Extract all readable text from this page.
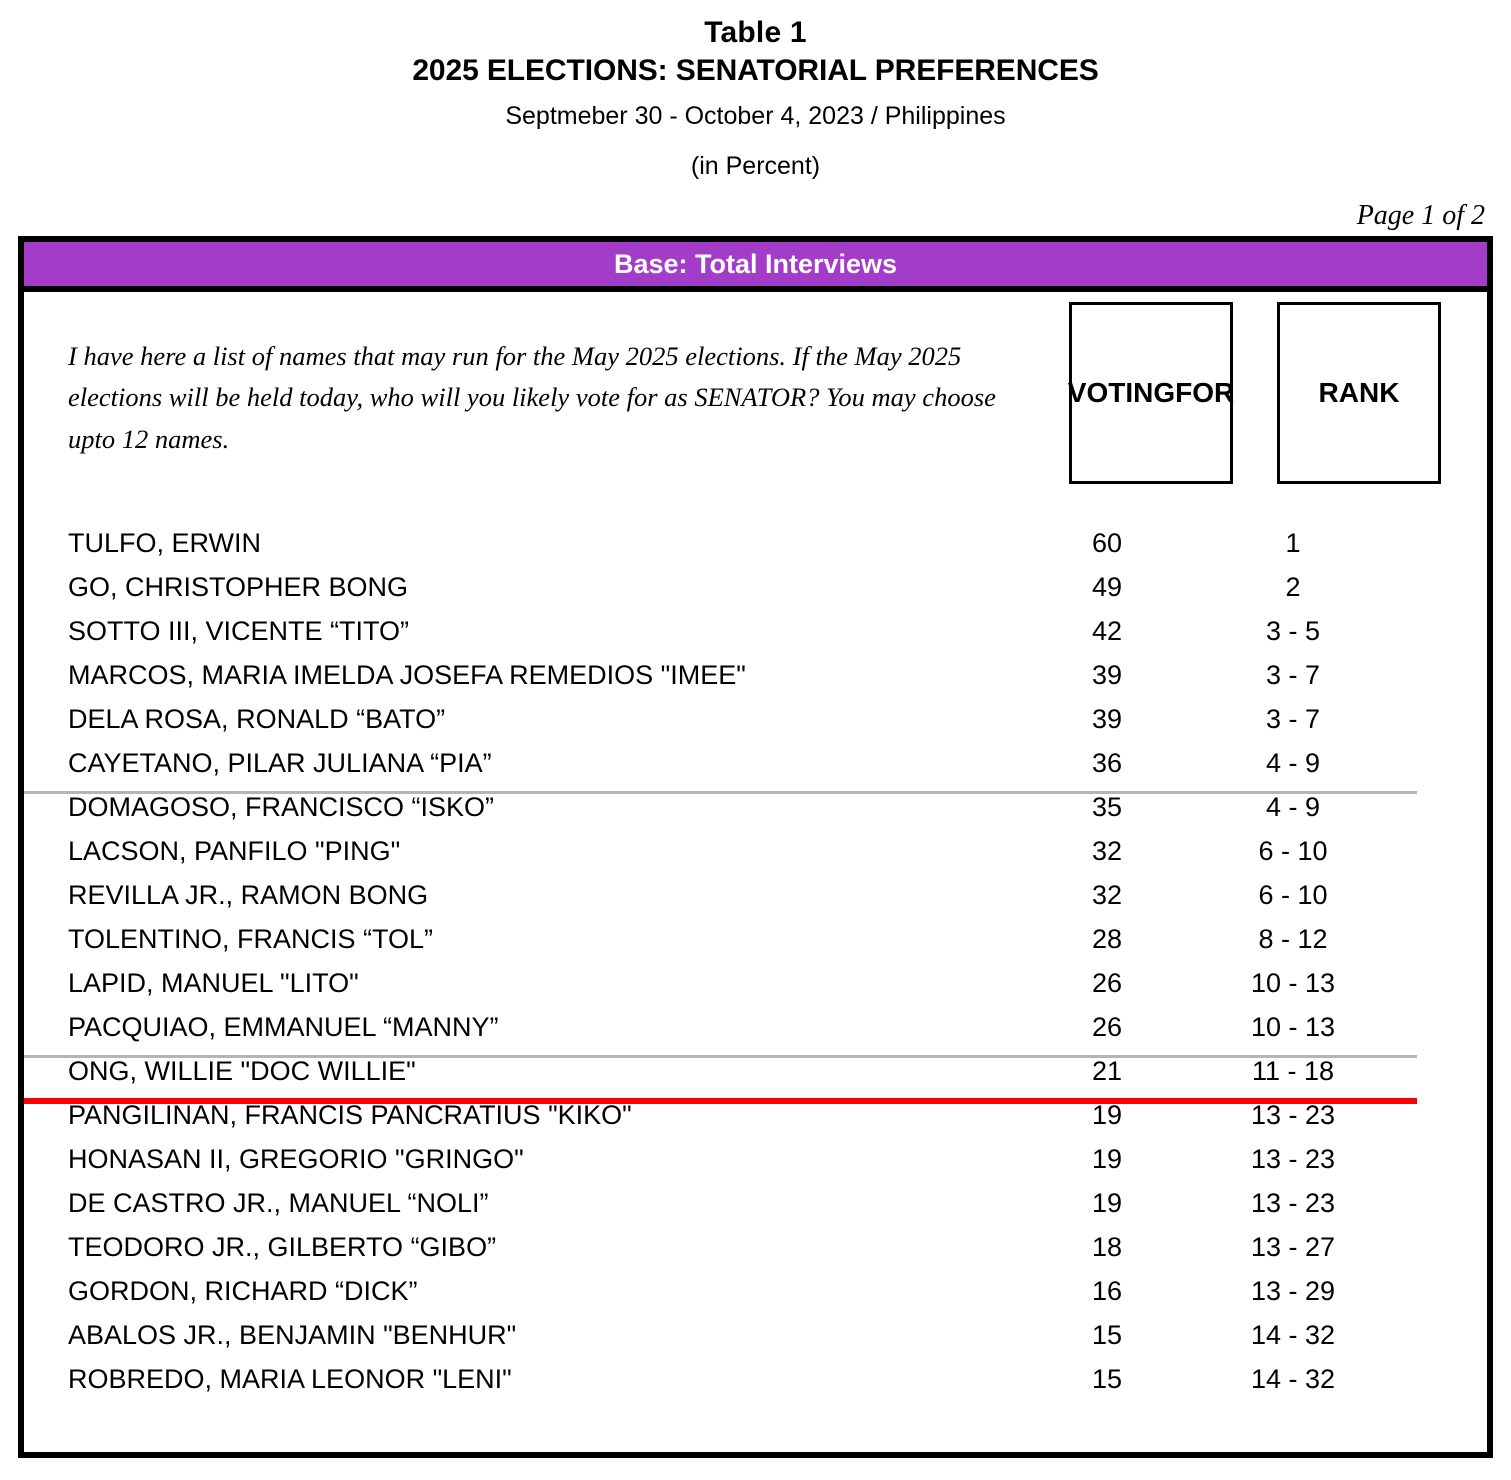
Table 1
2025 ELECTIONS: SENATORIAL PREFERENCES
Septmeber 30 - October 4, 2023 / Philippines
(in Percent)
Page 1 of 2
Base: Total Interviews
I have here a list of names that may run for the May 2025 elections. If the May 2025 elections will be held today, who will you likely vote for as SENATOR? You may choose upto 12 names.
VOTING FOR	RANK
TULFO, ERWIN	60	1
GO, CHRISTOPHER BONG	49	2
SOTTO III, VICENTE “TITO”	42	3 - 5
MARCOS, MARIA IMELDA JOSEFA REMEDIOS "IMEE"	39	3 - 7
DELA ROSA, RONALD “BATO”	39	3 - 7
CAYETANO, PILAR JULIANA “PIA”	36	4 - 9
DOMAGOSO, FRANCISCO “ISKO”	35	4 - 9
LACSON, PANFILO "PING"	32	6 - 10
REVILLA JR., RAMON BONG	32	6 - 10
TOLENTINO, FRANCIS “TOL”	28	8 - 12
LAPID, MANUEL "LITO"	26	10 - 13
PACQUIAO, EMMANUEL “MANNY”	26	10 - 13
ONG, WILLIE "DOC WILLIE"	21	11 - 18
PANGILINAN, FRANCIS PANCRATIUS "KIKO"	19	13 - 23
HONASAN II, GREGORIO "GRINGO"	19	13 - 23
DE CASTRO JR., MANUEL “NOLI”	19	13 - 23
TEODORO JR., GILBERTO “GIBO”	18	13 - 27
GORDON, RICHARD “DICK”	16	13 - 29
ABALOS JR., BENJAMIN "BENHUR"	15	14 - 32
ROBREDO, MARIA LEONOR "LENI"	15	14 - 32
